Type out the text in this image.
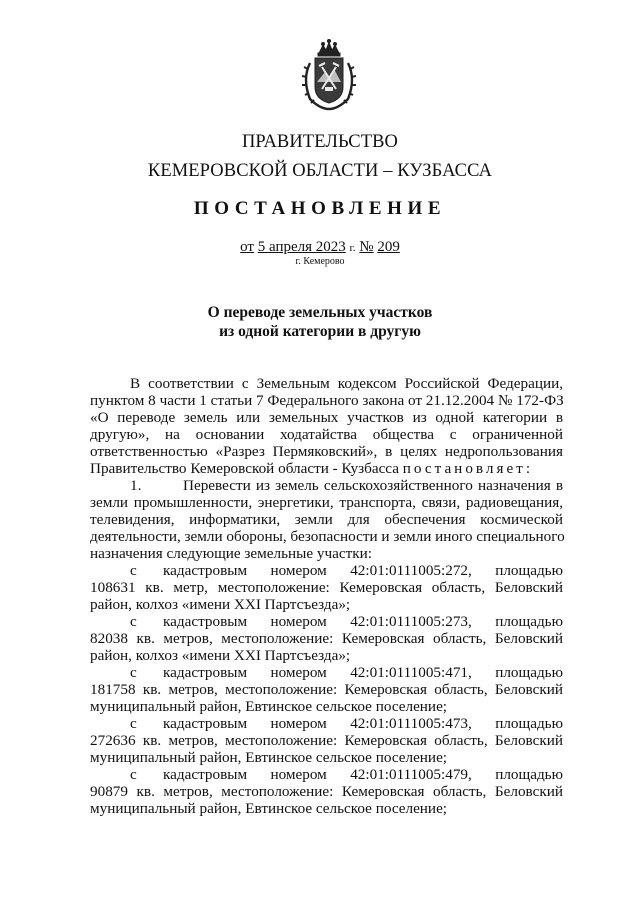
ПРАВИТЕЛЬСТВО
КЕМЕРОВСКОЙ ОБЛАСТИ – КУЗБАССА
ПОСТАНОВЛЕНИЕ
от 5 апреля 2023 г. № 209
г. Кемерово
О переводе земельных участков
из одной категории в другую
В соответствии с Земельным кодексом Российской Федерации,
пунктом 8 части 1 статьи 7 Федерального закона от 21.12.2004 № 172-ФЗ
«О переводе земель или земельных участков из одной категории в
другую», на основании ходатайства общества с ограниченной
ответственностью «Разрез Пермяковский», в целях недропользования
Правительство Кемеровской области - Кузбасса постановляет:
1.	Перевести из земель сельскохозяйственного назначения в
земли промышленности, энергетики, транспорта, связи, радиовещания,
телевидения, информатики, земли для обеспечения космической
деятельности, земли обороны, безопасности и земли иного специального
назначения следующие земельные участки:
с кадастровым номером 42:01:0111005:272, площадью
108631 кв. метр, местоположение: Кемеровская область, Беловский
район, колхоз «имени XXI Партсъезда»;
с кадастровым номером 42:01:0111005:273, площадью
82038 кв. метров, местоположение: Кемеровская область, Беловский
район, колхоз «имени XXI Партсъезда»;
с кадастровым номером 42:01:0111005:471, площадью
181758 кв. метров, местоположение: Кемеровская область, Беловский
муниципальный район, Евтинское сельское поселение;
с кадастровым номером 42:01:0111005:473, площадью
272636 кв. метров, местоположение: Кемеровская область, Беловский
муниципальный район, Евтинское сельское поселение;
с кадастровым номером 42:01:0111005:479, площадью
90879 кв. метров, местоположение: Кемеровская область, Беловский
муниципальный район, Евтинское сельское поселение;
